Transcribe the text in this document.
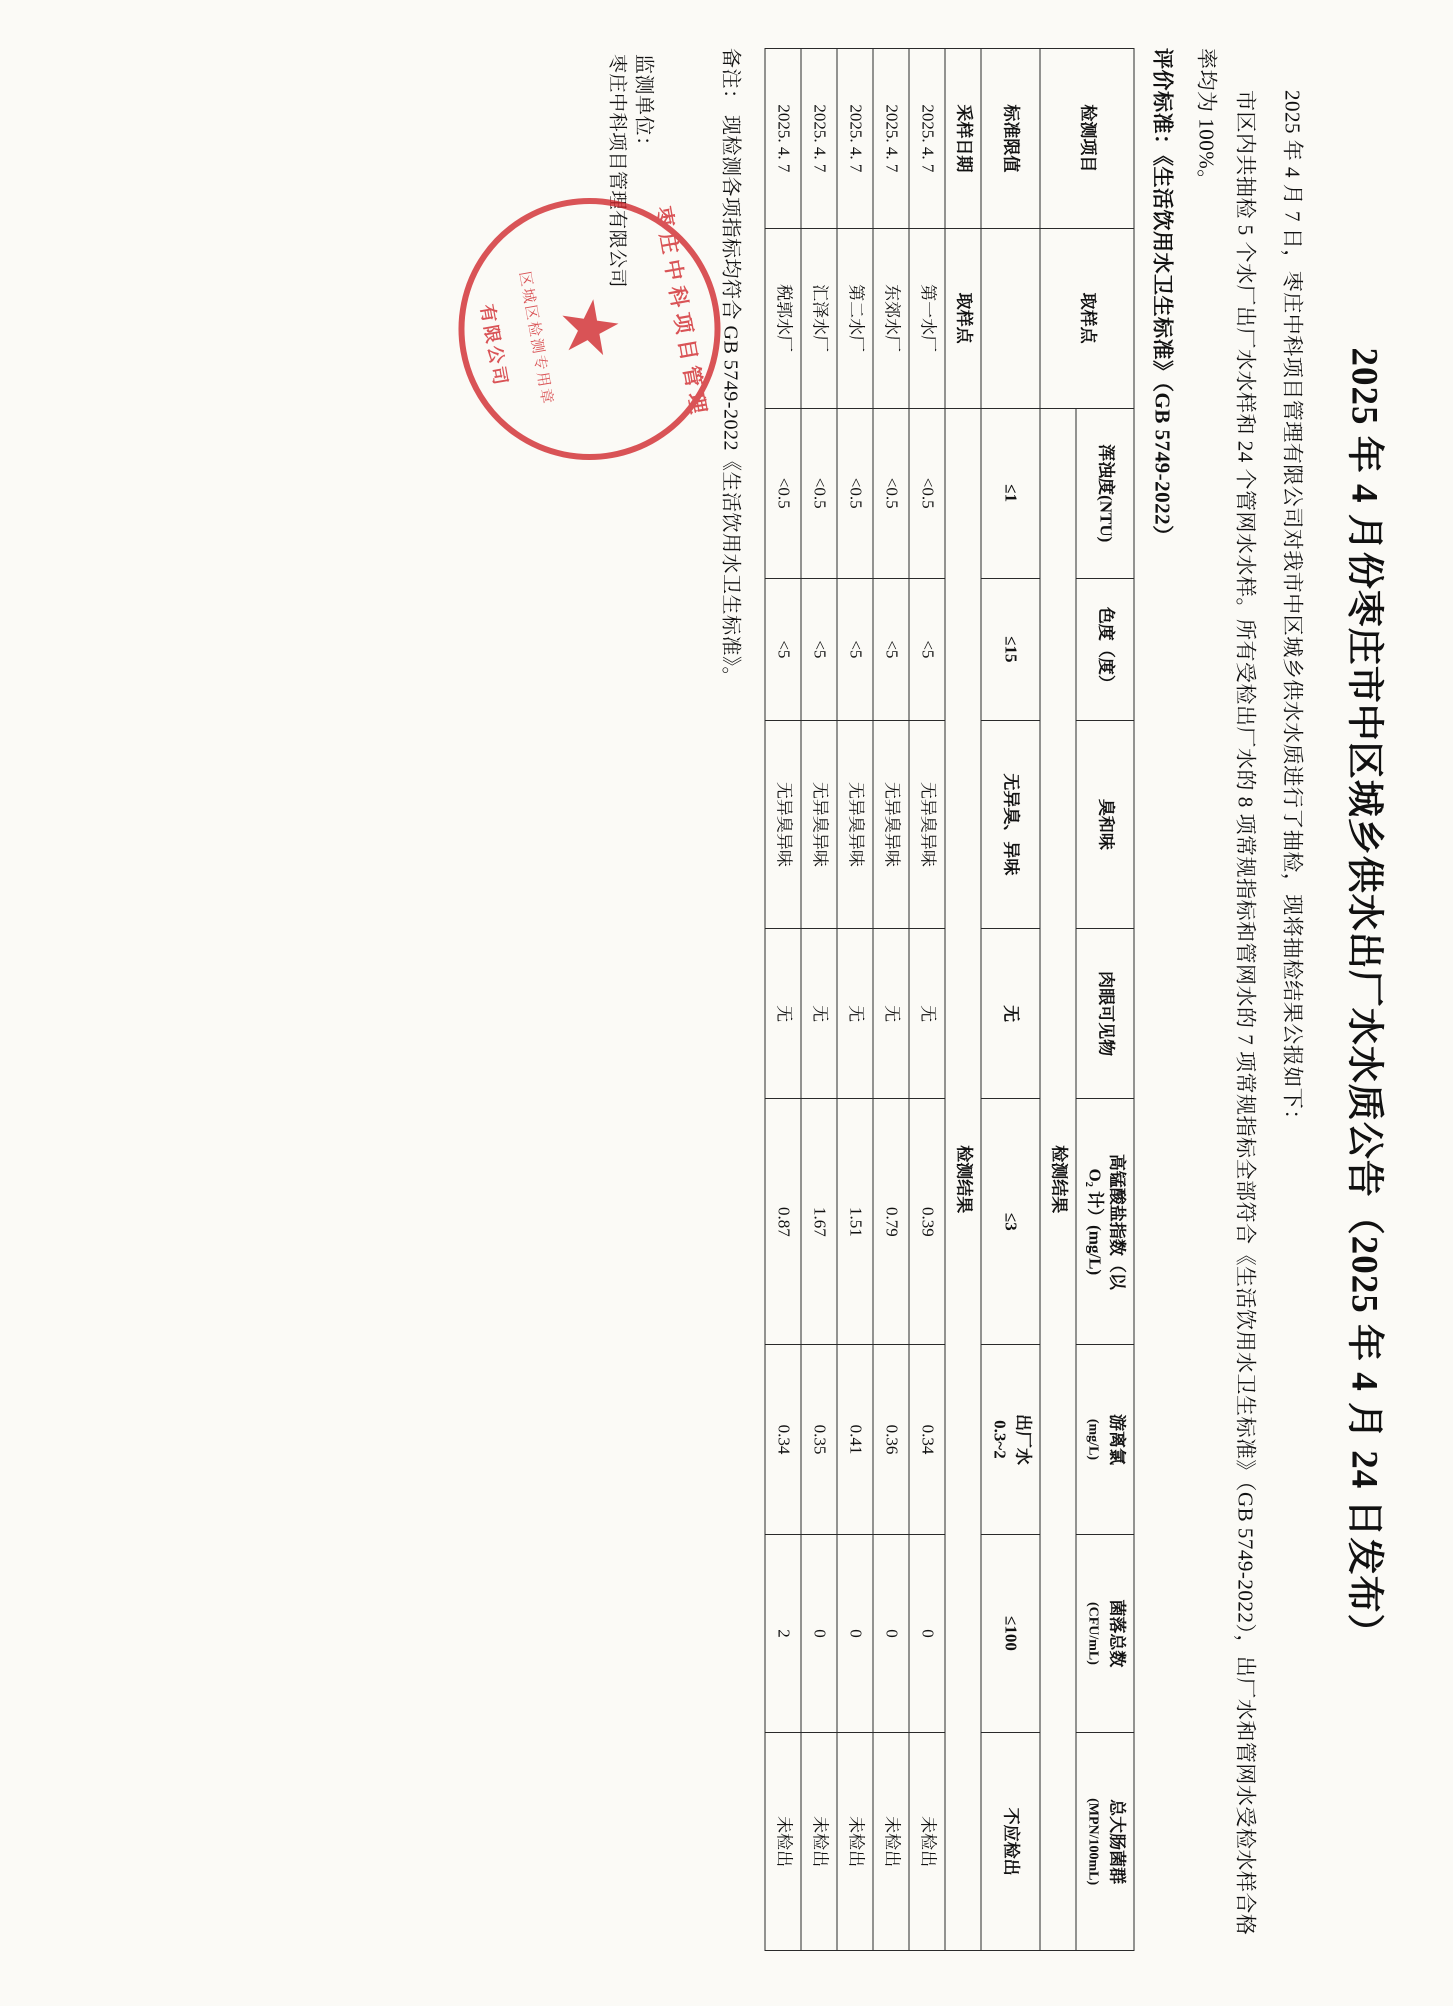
2025 年 4 月份枣庄市中区城乡供水出厂水水质公告（2025 年 4 月 24 日发布）

2025 年 4 月 7 日，枣庄中科项目管理有限公司对我市中区城乡供水水质进行了抽检，现将抽检结果公报如下：

市区内共抽检 5 个水厂出厂水水样和 24 个管网水水样。所有受检出厂水的 8 项常规指标和管网水的 7 项常规指标全部符合《生活饮用水卫生标准》（GB 5749-2022），出厂水和管网水受检水样合格率均为 100%。

评价标准：《生活饮用水卫生标准》（GB 5749-2022）
检测项目	取样点	浑浊度(NTU)	色度（度）	臭和味	肉眼可见物	高锰酸盐指数（以
O₂ 计）(mg/L)	游离氯
(mg/L)	菌落总数
(CFU/mL)	总大肠菌群
(MPN/100mL)
		检测结果							
标准限值		≤1	≤15	无异臭、异味	无	≤3	出厂水
0.3~2	≤100	不应检出
采样日期	取样点	检测结果							
2025. 4. 7	第一水厂	<0.5	<5	无异臭异味	无	0.39	0.34	0	未检出
2025. 4. 7	东郊水厂	<0.5	<5	无异臭异味	无	0.79	0.36	0	未检出
2025. 4. 7	第二水厂	<0.5	<5	无异臭异味	无	1.51	0.41	0	未检出
2025. 4. 7	汇泽水厂	<0.5	<5	无异臭异味	无	1.67	0.35	0	未检出
2025. 4. 7	税郭水厂	<0.5	<5	无异臭异味	无	0.87	0.34	2	未检出
备注： 现检测各项指标均符合 GB 5749-2022《生活饮用水卫生标准》。
监测单位：
枣庄中科项目管理有限公司
枣庄中科项目管理
★
区城区检测专用章
有限公司
